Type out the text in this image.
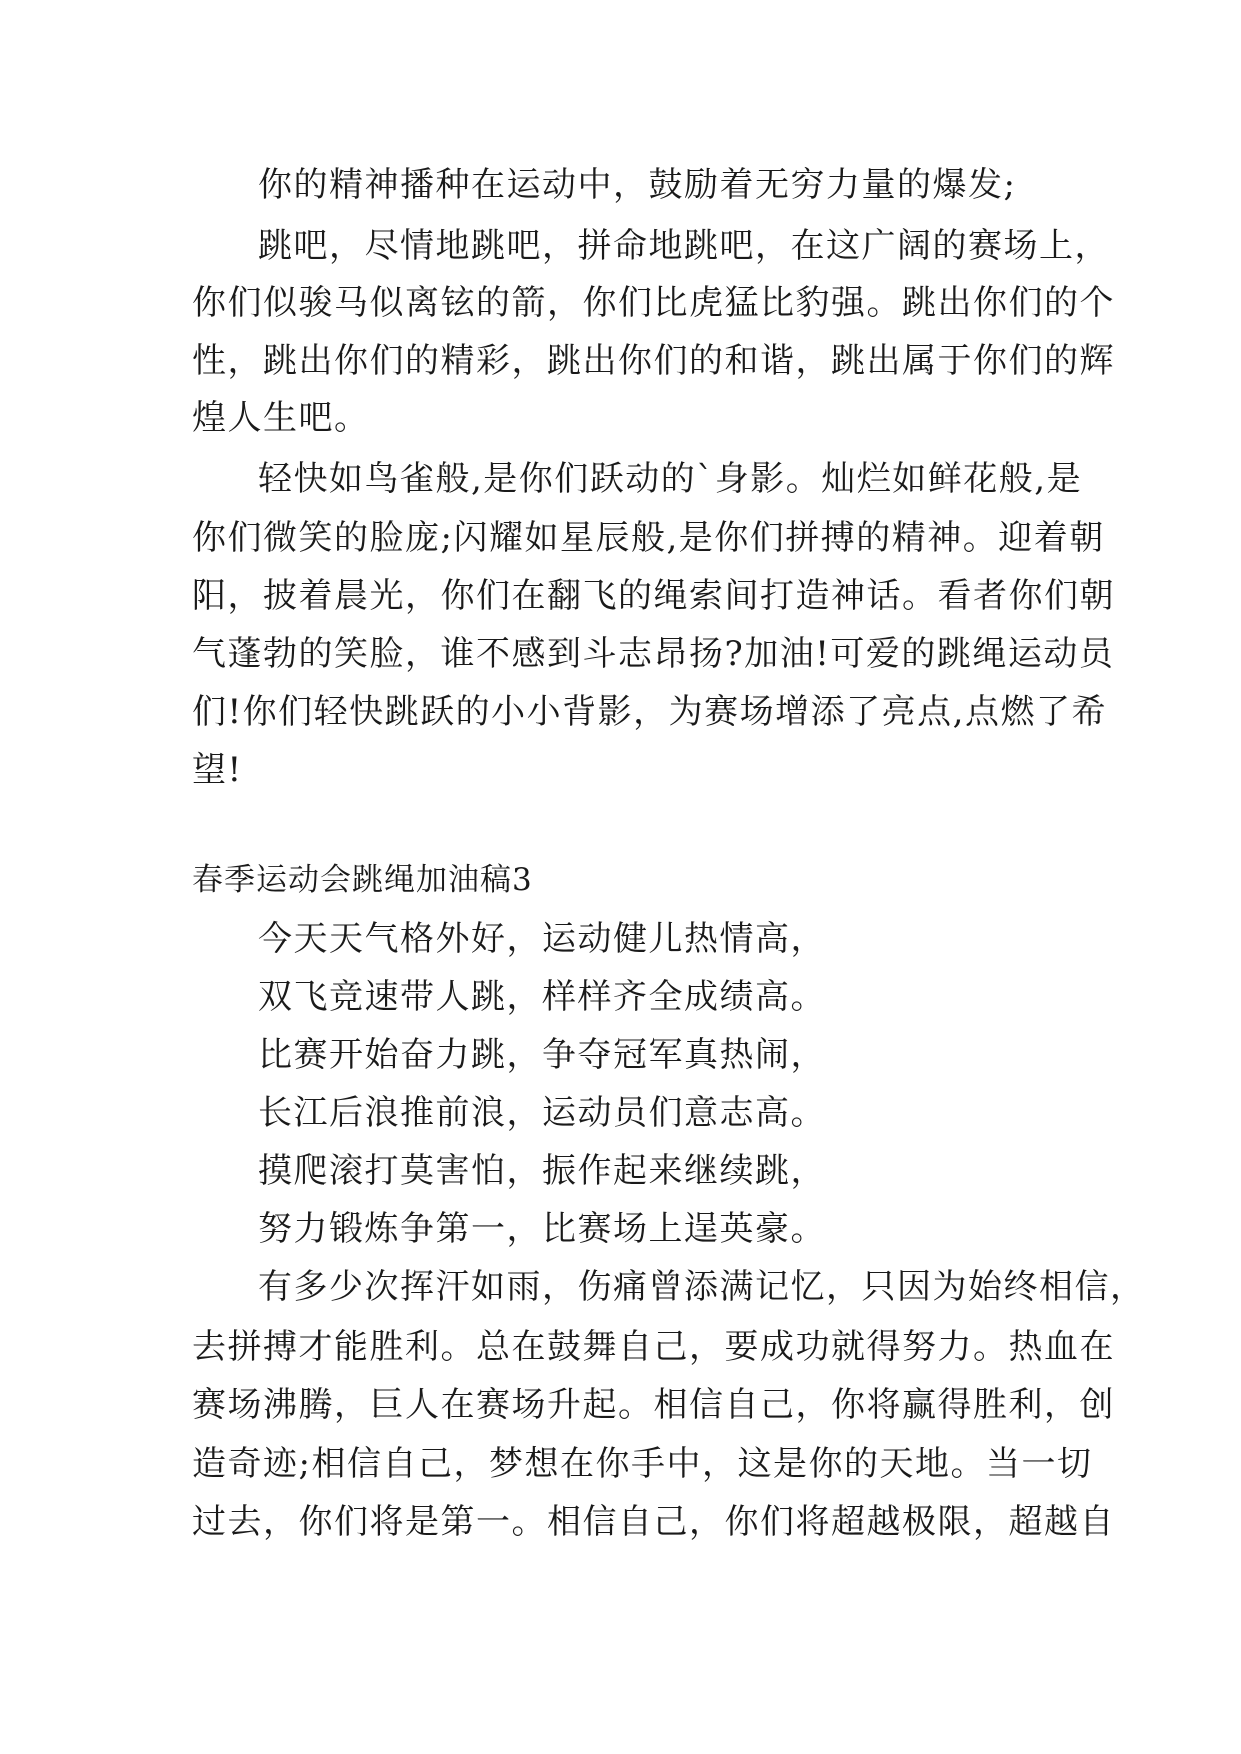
你的精神播种在运动中，鼓励着无穷力量的爆发;
跳吧，尽情地跳吧，拼命地跳吧，在这广阔的赛场上，
你们似骏马似离铉的箭，你们比虎猛比豹强。跳出你们的个
性，跳出你们的精彩，跳出你们的和谐，跳出属于你们的辉
煌人生吧。
轻快如鸟雀般,是你们跃动的`身影。灿烂如鲜花般,是
你们微笑的脸庞;闪耀如星辰般,是你们拼搏的精神。迎着朝
阳，披着晨光，你们在翻飞的绳索间打造神话。看者你们朝
气蓬勃的笑脸，谁不感到斗志昂扬?加油!可爱的跳绳运动员
们!你们轻快跳跃的小小背影，为赛场增添了亮点,点燃了希
望!
春季运动会跳绳加油稿3
今天天气格外好，运动健儿热情高，
双飞竞速带人跳，样样齐全成绩高。
比赛开始奋力跳，争夺冠军真热闹，
长江后浪推前浪，运动员们意志高。
摸爬滚打莫害怕，振作起来继续跳，
努力锻炼争第一，比赛场上逞英豪。
有多少次挥汗如雨，伤痛曾添满记忆，只因为始终相信，
去拼搏才能胜利。总在鼓舞自己，要成功就得努力。热血在
赛场沸腾，巨人在赛场升起。相信自己，你将赢得胜利，创
造奇迹;相信自己，梦想在你手中，这是你的天地。当一切
过去，你们将是第一。相信自己，你们将超越极限，超越自
